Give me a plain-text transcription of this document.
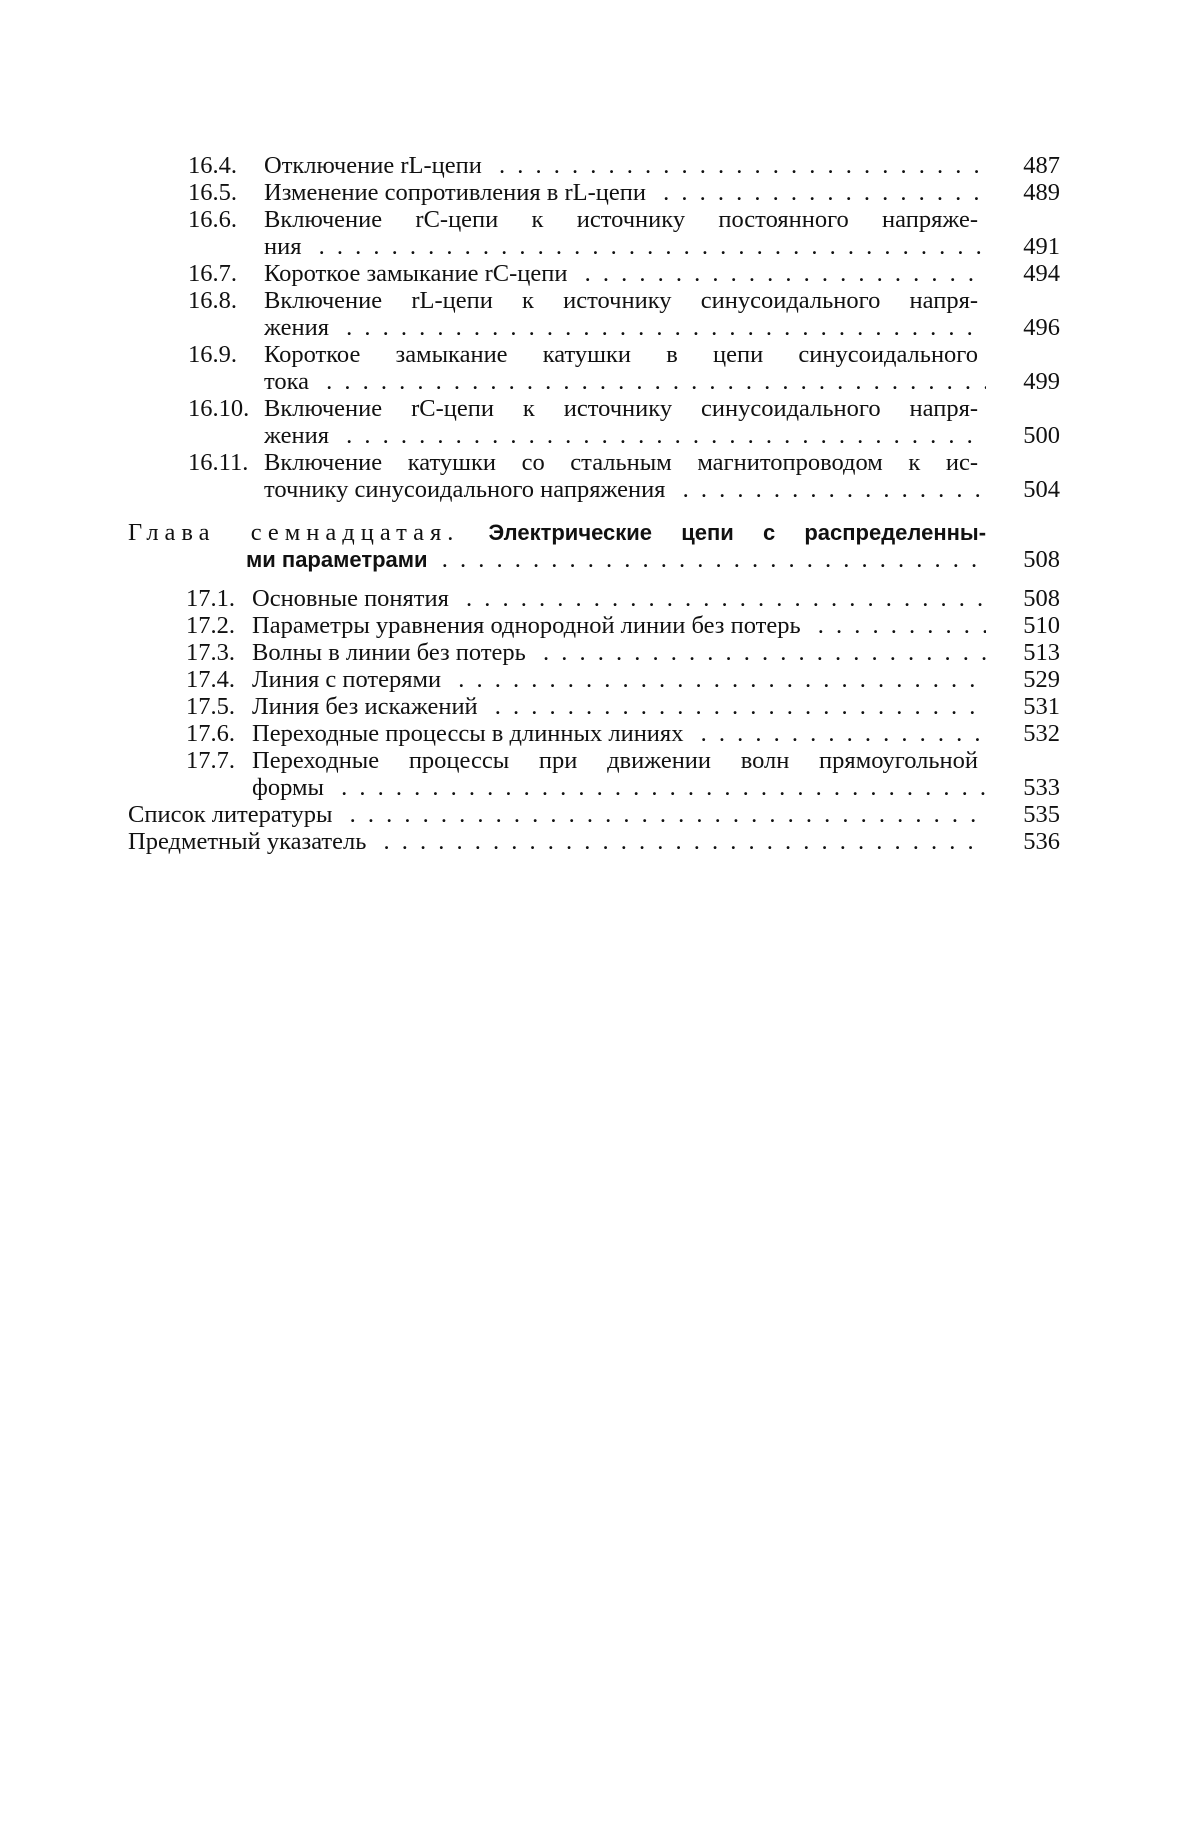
16.4.	Отключение rL-цепи . .	487
16.5.	Изменение сопротивления в rL-цепи . .	489
16.6.	Включение rC-цепи к источнику постоянного напряже-
ния . .	491
16.7.	Короткое замыкание rC-цепи . .	494
16.8.	Включение rL-цепи к источнику синусоидального напря-
жения . .	496
16.9.	Короткое замыкание катушки в цепи синусоидального
тока . .	499
16.10. Включение rC-цепи к источнику синусоидального напря-
жения . .	500
16.11. Включение катушки со стальным магнитопроводом к ис-
точнику синусоидального напряжения . .	504
Глава семнадцатая. Электрические цепи с распределенны-
ми параметрами . .	508
17.1. Основные понятия . .	508
17.2. Параметры уравнения однородной линии без потерь . .	510
17.3. Волны в линии без потерь . .	513
17.4. Линия с потерями . .	529
17.5. Линия без искажений . .	531
17.6. Переходные процессы в длинных линиях . .	532
17.7. Переходные процессы при движении волн прямоугольной
формы . .	533
Список литературы . .	535
Предметный указатель . .	536
